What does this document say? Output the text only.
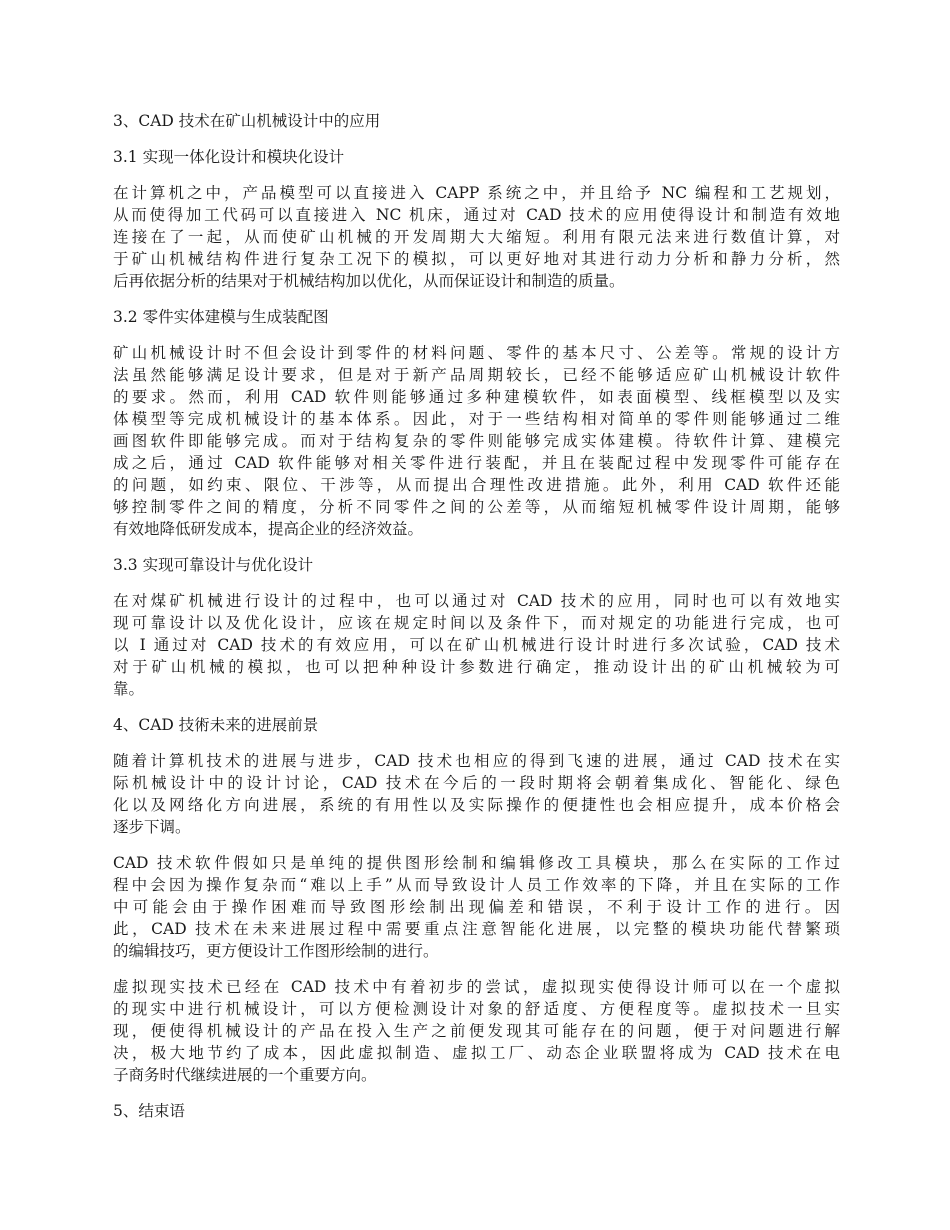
3、CAD 技术在矿山机械设计中的应用
3.1 实现一体化设计和模块化设计
在计算机之中，产品模型可以直接进入 CAPP 系统之中，并且给予 NC 编程和工艺规划，
从而使得加工代码可以直接进入 NC 机床，通过对 CAD 技术的应用使得设计和制造有效地
连接在了一起，从而使矿山机械的开发周期大大缩短。利用有限元法来进行数值计算，对
于矿山机械结构件进行复杂工况下的模拟，可以更好地对其进行动力分析和静力分析，然
后再依据分析的结果对于机械结构加以优化，从而保证设计和制造的质量。
3.2 零件实体建模与生成装配图
矿山机械设计时不但会设计到零件的材料问题、零件的基本尺寸、公差等。常规的设计方
法虽然能够满足设计要求，但是对于新产品周期较长，已经不能够适应矿山机械设计软件
的要求。然而，利用 CAD 软件则能够通过多种建模软件，如表面模型、线框模型以及实
体模型等完成机械设计的基本体系。因此，对于一些结构相对简单的零件则能够通过二维
画图软件即能够完成。而对于结构复杂的零件则能够完成实体建模。待软件计算、建模完
成之后，通过 CAD 软件能够对相关零件进行装配，并且在装配过程中发现零件可能存在
的问题，如约束、限位、干涉等，从而提出合理性改进措施。此外，利用 CAD 软件还能
够控制零件之间的精度，分析不同零件之间的公差等，从而缩短机械零件设计周期，能够
有效地降低研发成本，提高企业的经济效益。
3.3 实现可靠设计与优化设计
在对煤矿机械进行设计的过程中，也可以通过对 CAD 技术的应用，同时也可以有效地实
现可靠设计以及优化设计，应该在规定时间以及条件下，而对规定的功能进行完成，也可
以 I 通过对 CAD 技术的有效应用，可以在矿山机械进行设计时进行多次试验，CAD 技术
对于矿山机械的模拟，也可以把种种设计参数进行确定，推动设计出的矿山机械较为可
靠。
4、CAD 技術未来的进展前景
随着计算机技术的进展与进步，CAD 技术也相应的得到飞速的进展，通过 CAD 技术在实
际机械设计中的设计讨论，CAD 技术在今后的一段时期将会朝着集成化、智能化、绿色
化以及网络化方向进展，系统的有用性以及实际操作的便捷性也会相应提升，成本价格会
逐步下调。
CAD 技术软件假如只是单纯的提供图形绘制和编辑修改工具模块，那么在实际的工作过
程中会因为操作复杂而“难以上手”从而导致设计人员工作效率的下降，并且在实际的工作
中可能会由于操作困难而导致图形绘制出现偏差和错误，不利于设计工作的进行。因
此，CAD 技术在未来进展过程中需要重点注意智能化进展，以完整的模块功能代替繁琐
的编辑技巧，更方便设计工作图形绘制的进行。
虚拟现实技术已经在 CAD 技术中有着初步的尝试，虚拟现实使得设计师可以在一个虚拟
的现实中进行机械设计，可以方便检测设计对象的舒适度、方便程度等。虚拟技术一旦实
现，便使得机械设计的产品在投入生产之前便发现其可能存在的问题，便于对问题进行解
决，极大地节约了成本，因此虚拟制造、虚拟工厂、动态企业联盟将成为 CAD 技术在电
子商务时代继续进展的一个重要方向。
5、结束语
